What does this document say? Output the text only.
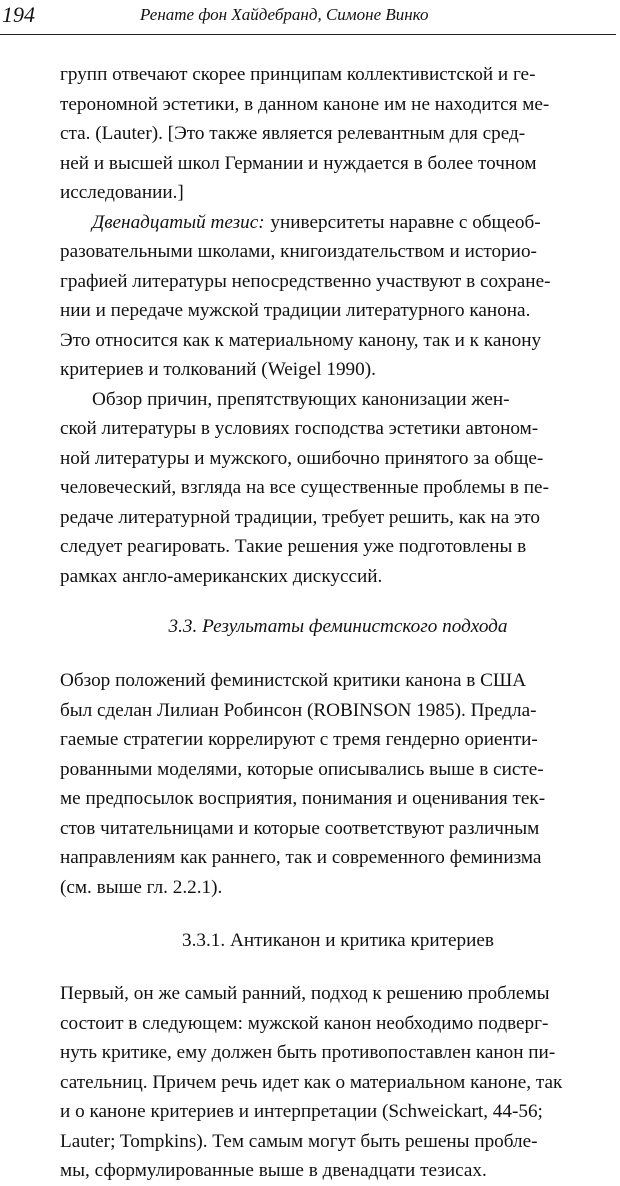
194	Ренате фон Хайдебранд, Симоне Винко
групп отвечают скорее принципам коллективистской и ге-
терономной эстетики, в данном каноне им не находится ме-
ста. (Lauter). [Это также является релевантным для сред-
ней и высшей школ Германии и нуждается в более точном
исследовании.]
Двенадцатый тезис: университеты наравне с общеоб-
разовательными школами, книгоиздательством и историо-
графией литературы непосредственно участвуют в сохране-
нии и передаче мужской традиции литературного канона.
Это относится как к материальному канону, так и к канону
критериев и толкований (Weigel 1990).
Обзор причин, препятствующих канонизации жен-
ской литературы в условиях господства эстетики автоном-
ной литературы и мужского, ошибочно принятого за обще-
человеческий, взгляда на все существенные проблемы в пе-
редаче литературной традиции, требует решить, как на это
следует реагировать. Такие решения уже подготовлены в
рамках англо-американских дискуссий.
3.3. Результаты феминистского подхода
Обзор положений феминистской критики канона в США
был сделан Лилиан Робинсон (ROBINSON 1985). Предла-
гаемые стратегии коррелируют с тремя гендерно ориенти-
рованными моделями, которые описывались выше в систе-
ме предпосылок восприятия, понимания и оценивания тек-
стов читательницами и которые соответствуют различным
направлениям как раннего, так и современного феминизма
(см. выше гл. 2.2.1).
3.3.1. Антиканон и критика критериев
Первый, он же самый ранний, подход к решению проблемы
состоит в следующем: мужской канон необходимо подверг-
нуть критике, ему должен быть противопоставлен канон пи-
сательниц. Причем речь идет как о материальном каноне, так
и о каноне критериев и интерпретации (Schweickart, 44-56;
Lauter; Tompkins). Тем самым могут быть решены пробле-
мы, сформулированные выше в двенадцати тезисах.
